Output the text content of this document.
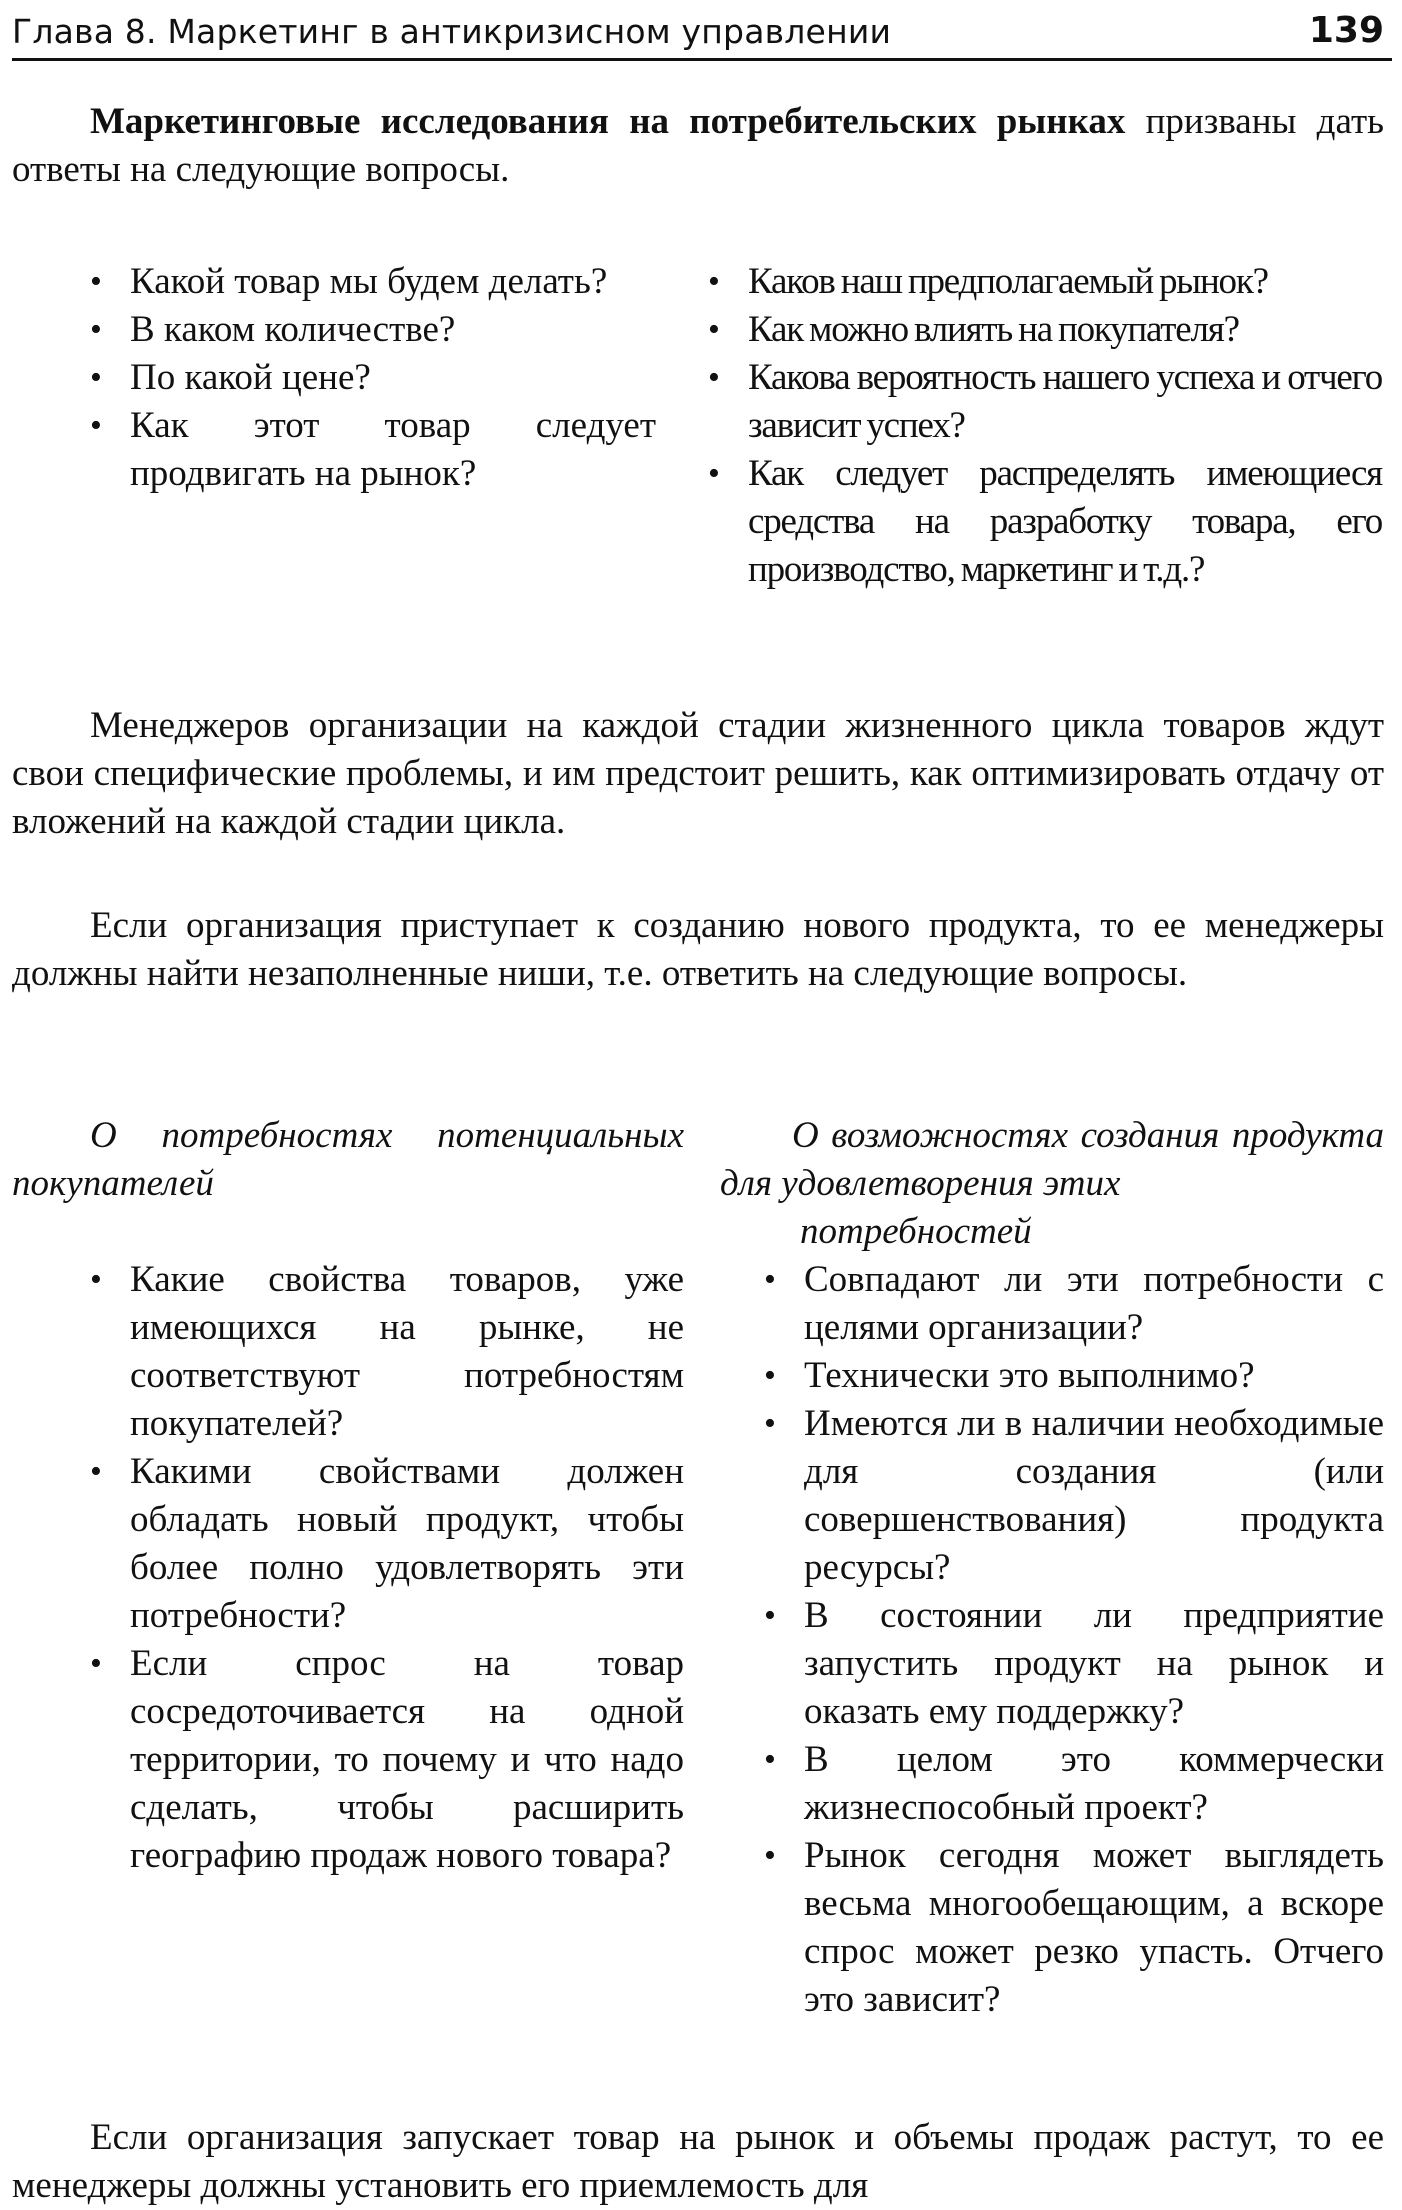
Глава 8. Маркетинг в антикризисном управлении	139
Маркетинговые исследования на потребительских рынках призваны дать ответы на следующие вопросы.
• Какой товар мы будем делать?
• В каком количестве?
• По какой цене?
• Как этот товар следует продвигать на рынок?
• Каков наш предполагаемый рынок?
• Как можно влиять на покупателя?
• Какова вероятность нашего успеха и отчего зависит успех?
• Как следует распределять имеющиеся средства на разработку товара, его производство, маркетинг и т.д.?
Менеджеров организации на каждой стадии жизненного цикла товаров ждут свои специфические проблемы, и им предстоит решить, как оптимизировать отдачу от вложений на каждой стадии цикла.
Если организация приступает к созданию нового продукта, то ее менеджеры должны найти незаполненные ниши, т.е. ответить на следующие вопросы.
О потребностях потенциальных покупателей
• Какие свойства товаров, уже имеющихся на рынке, не соответствуют потребностям покупателей?
• Какими свойствами должен обладать новый продукт, чтобы более полно удовлетворять эти потребности?
• Если спрос на товар сосредоточивается на одной территории, то почему и что надо сделать, чтобы расширить географию продаж нового товара?
О возможностях создания продукта для удовлетворения этих
потребностей
• Совпадают ли эти потребности с целями организации?
• Технически это выполнимо?
• Имеются ли в наличии необходимые для создания (или совершенствования) продукта ресурсы?
• В состоянии ли предприятие запустить продукт на рынок и оказать ему поддержку?
• В целом это коммерчески жизнеспособный проект?
• Рынок сегодня может выглядеть весьма многообещающим, а вскоре спрос может резко упасть. Отчего это зависит?
Если организация запускает товар на рынок и объемы продаж растут, то ее менеджеры должны установить его приемлемость для
